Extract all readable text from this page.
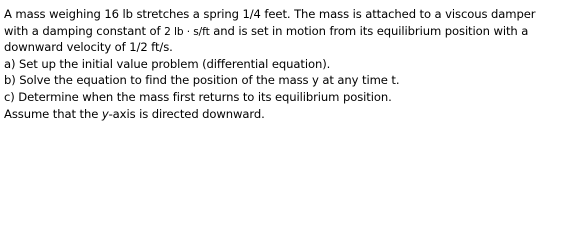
A mass weighing 16 lb stretches a spring 1/4 feet. The mass is attached to a viscous damper
with a damping constant of 2 lb · s/ft and is set in motion from its equilibrium position with a
downward velocity of 1/2 ft/s.
a) Set up the initial value problem (differential equation).
b) Solve the equation to find the position of the mass y at any time t.
c) Determine when the mass first returns to its equilibrium position.
Assume that the y-axis is directed downward.
